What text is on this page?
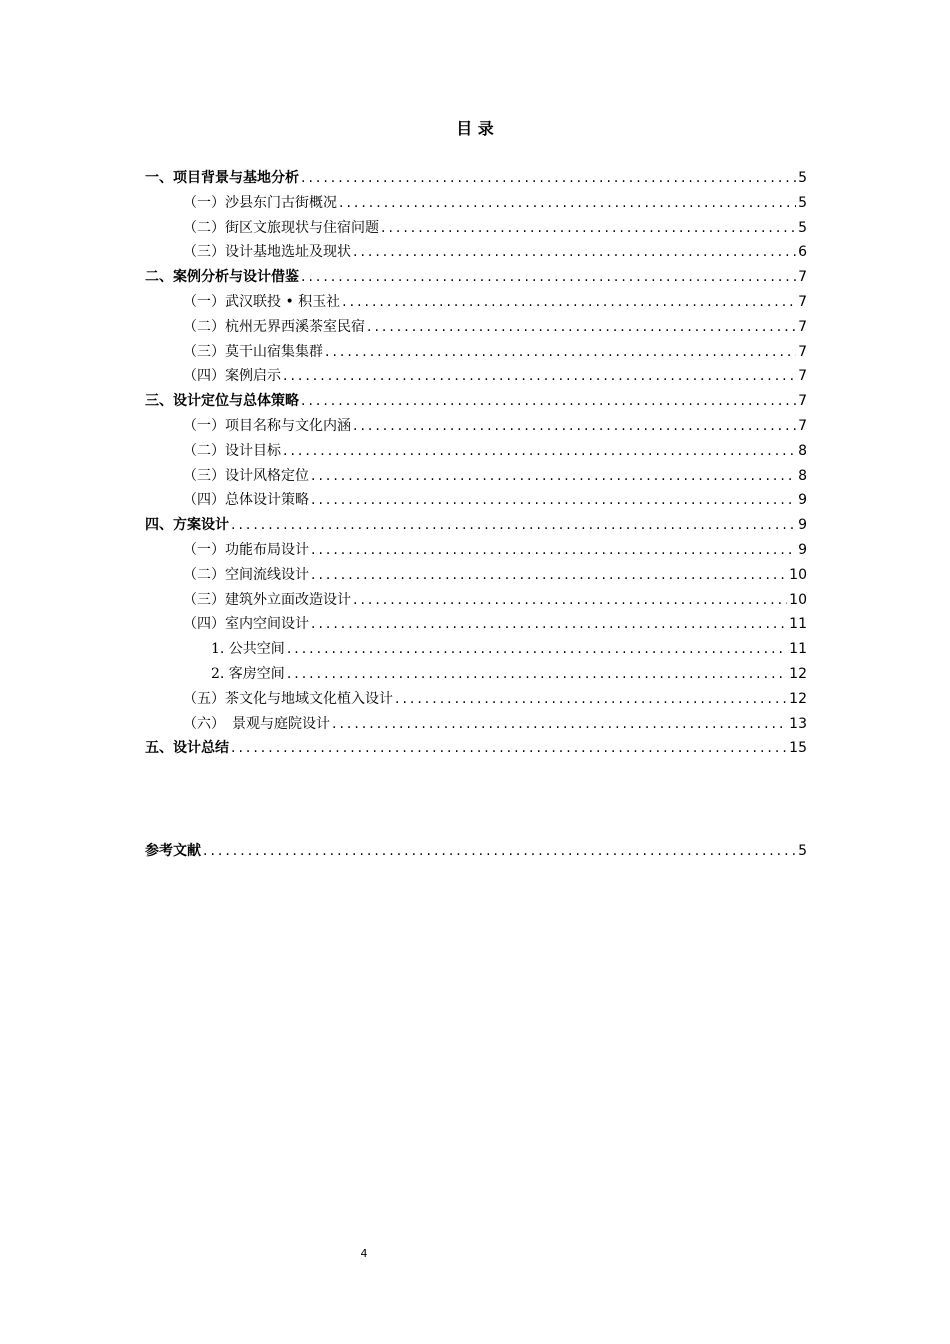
目 录
一、项目背景与基地分析 .....	5
（一）沙县东门古街概况 .....	5
（二）街区文旅现状与住宿问题 .....	5
（三）设计基地选址及现状 .....	6
二、案例分析与设计借鉴 .....	7
（一）武汉联投 • 积玉社 .....	7
（二）杭州无界西溪茶室民宿 .....	7
（三）莫干山宿集集群 .....	7
（四）案例启示 .....	7
三、设计定位与总体策略 .....	7
（一）项目名称与文化内涵 .....	7
（二）设计目标 .....	8
（三）设计风格定位 .....	8
（四）总体设计策略 .....	9
四、方案设计 .....	9
（一）功能布局设计 .....	9
（二）空间流线设计 .....	10
（三）建筑外立面改造设计 .....	10
（四）室内空间设计 .....	11
1. 公共空间 .....	11
2. 客房空间 .....	12
（五）茶文化与地域文化植入设计 .....	12
（六）　景观与庭院设计 .....	13
五、设计总结 .....	15
参考文献 .....	5
4
